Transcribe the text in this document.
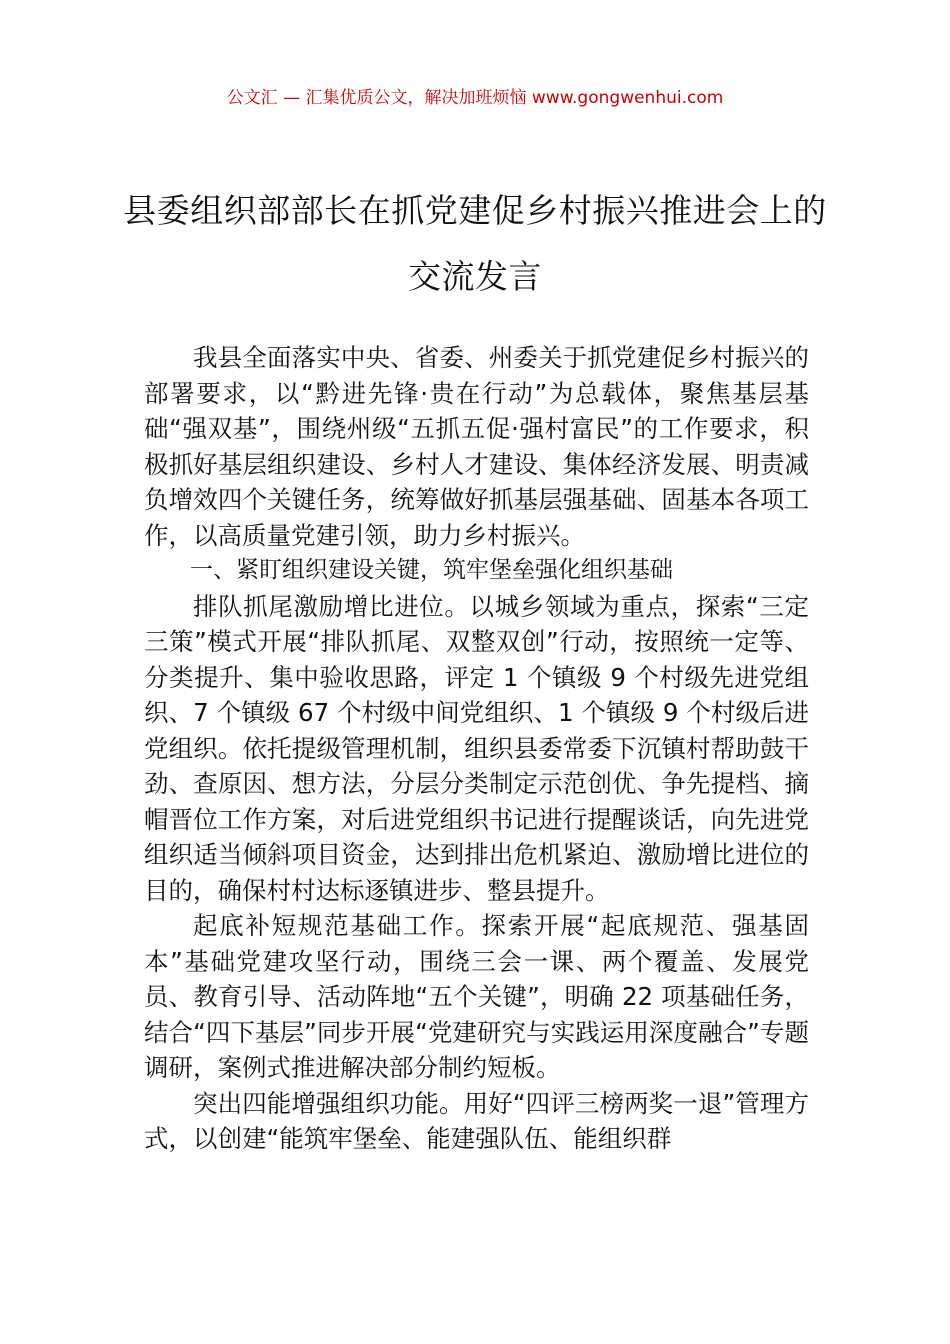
公文汇 — 汇集优质公文，解决加班烦恼 www.gongwenhui.com
县委组织部部长在抓党建促乡村振兴推进会上的交流发言

我县全面落实中央、省委、州委关于抓党建促乡村振兴的部署要求，以“黔进先锋·贵在行动”为总载体，聚焦基层基础“强双基”，围绕州级“五抓五促·强村富民”的工作要求，积极抓好基层组织建设、乡村人才建设、集体经济发展、明责减负增效四个关键任务，统筹做好抓基层强基础、固基本各项工作，以高质量党建引领，助力乡村振兴。

一、紧盯组织建设关键，筑牢堡垒强化组织基础

排队抓尾激励增比进位。以城乡领域为重点，探索“三定三策”模式开展“排队抓尾、双整双创”行动，按照统一定等、分类提升、集中验收思路，评定 1 个镇级 9 个村级先进党组织、7 个镇级 67 个村级中间党组织、1 个镇级 9 个村级后进党组织。依托提级管理机制，组织县委常委下沉镇村帮助鼓干劲、查原因、想方法，分层分类制定示范创优、争先提档、摘帽晋位工作方案，对后进党组织书记进行提醒谈话，向先进党组织适当倾斜项目资金，达到排出危机紧迫、激励增比进位的目的，确保村村达标逐镇进步、整县提升。

起底补短规范基础工作。探索开展“起底规范、强基固本”基础党建攻坚行动，围绕三会一课、两个覆盖、发展党员、教育引导、活动阵地“五个关键”，明确 22 项基础任务，结合“四下基层”同步开展“党建研究与实践运用深度融合”专题调研，案例式推进解决部分制约短板。

突出四能增强组织功能。用好“四评三榜两奖一退”管理方式，以创建“能筑牢堡垒、能建强队伍、能组织群
